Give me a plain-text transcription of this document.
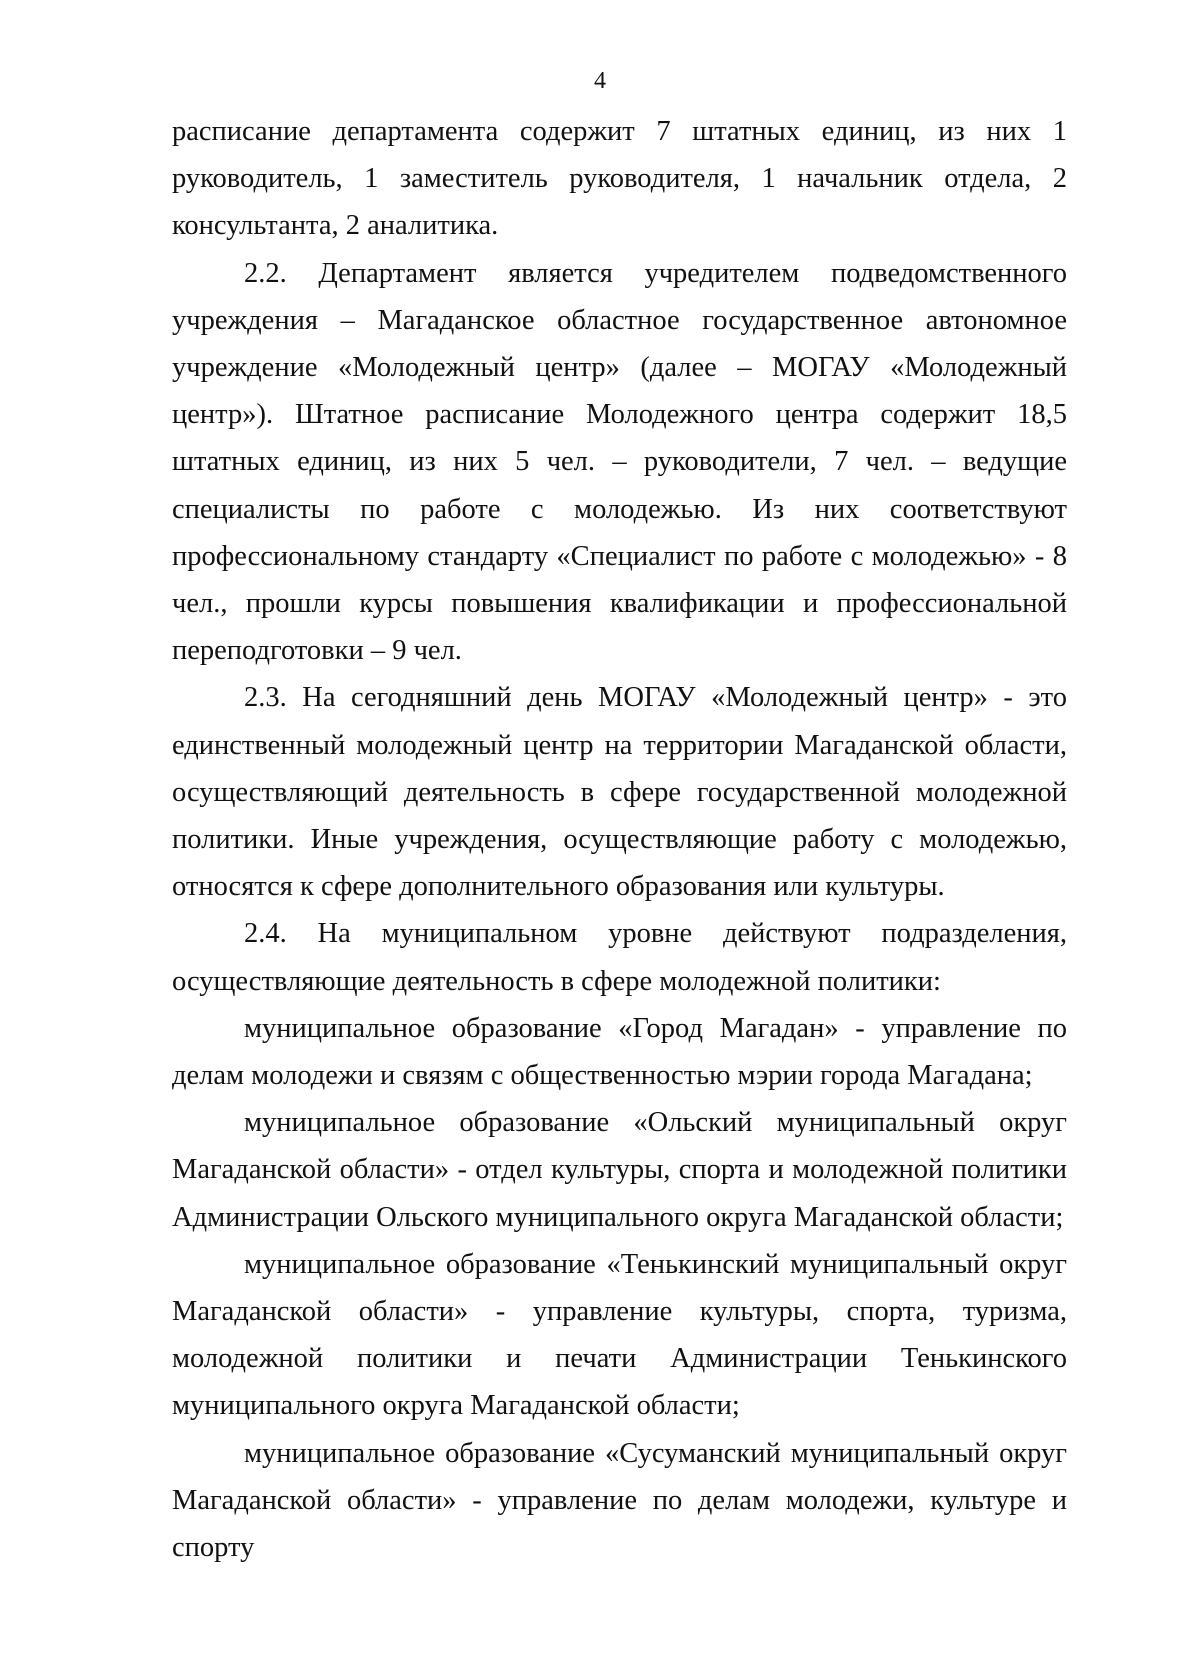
4

расписание департамента содержит 7 штатных единиц, из них 1 руководитель, 1 заместитель руководителя, 1 начальник отдела, 2 консультанта, 2 аналитика.

2.2. Департамент является учредителем подведомственного учреждения – Магаданское областное государственное автономное учреждение «Молодежный центр» (далее – МОГАУ «Молодежный центр»). Штатное расписание Молодежного центра содержит 18,5 штатных единиц, из них 5 чел. – руководители, 7 чел. – ведущие специалисты по работе с молодежью. Из них соответствуют профессиональному стандарту «Специалист по работе с молодежью» - 8 чел., прошли курсы повышения квалификации и профессиональной переподготовки – 9 чел.

2.3. На сегодняшний день МОГАУ «Молодежный центр» - это единственный молодежный центр на территории Магаданской области, осуществляющий деятельность в сфере государственной молодежной политики. Иные учреждения, осуществляющие работу с молодежью, относятся к сфере дополнительного образования или культуры.

2.4. На муниципальном уровне действуют подразделения, осуществляющие деятельность в сфере молодежной политики:

муниципальное образование «Город Магадан» - управление по делам молодежи и связям с общественностью мэрии города Магадана;

муниципальное образование «Ольский муниципальный округ Магаданской области» - отдел культуры, спорта и молодежной политики Администрации Ольского муниципального округа Магаданской области;

муниципальное образование «Тенькинский муниципальный округ Магаданской области» - управление культуры, спорта, туризма, молодежной политики и печати Администрации Тенькинского муниципального округа Магаданской области;

муниципальное образование «Сусуманский муниципальный округ Магаданской области» - управление по делам молодежи, культуре и спорту
